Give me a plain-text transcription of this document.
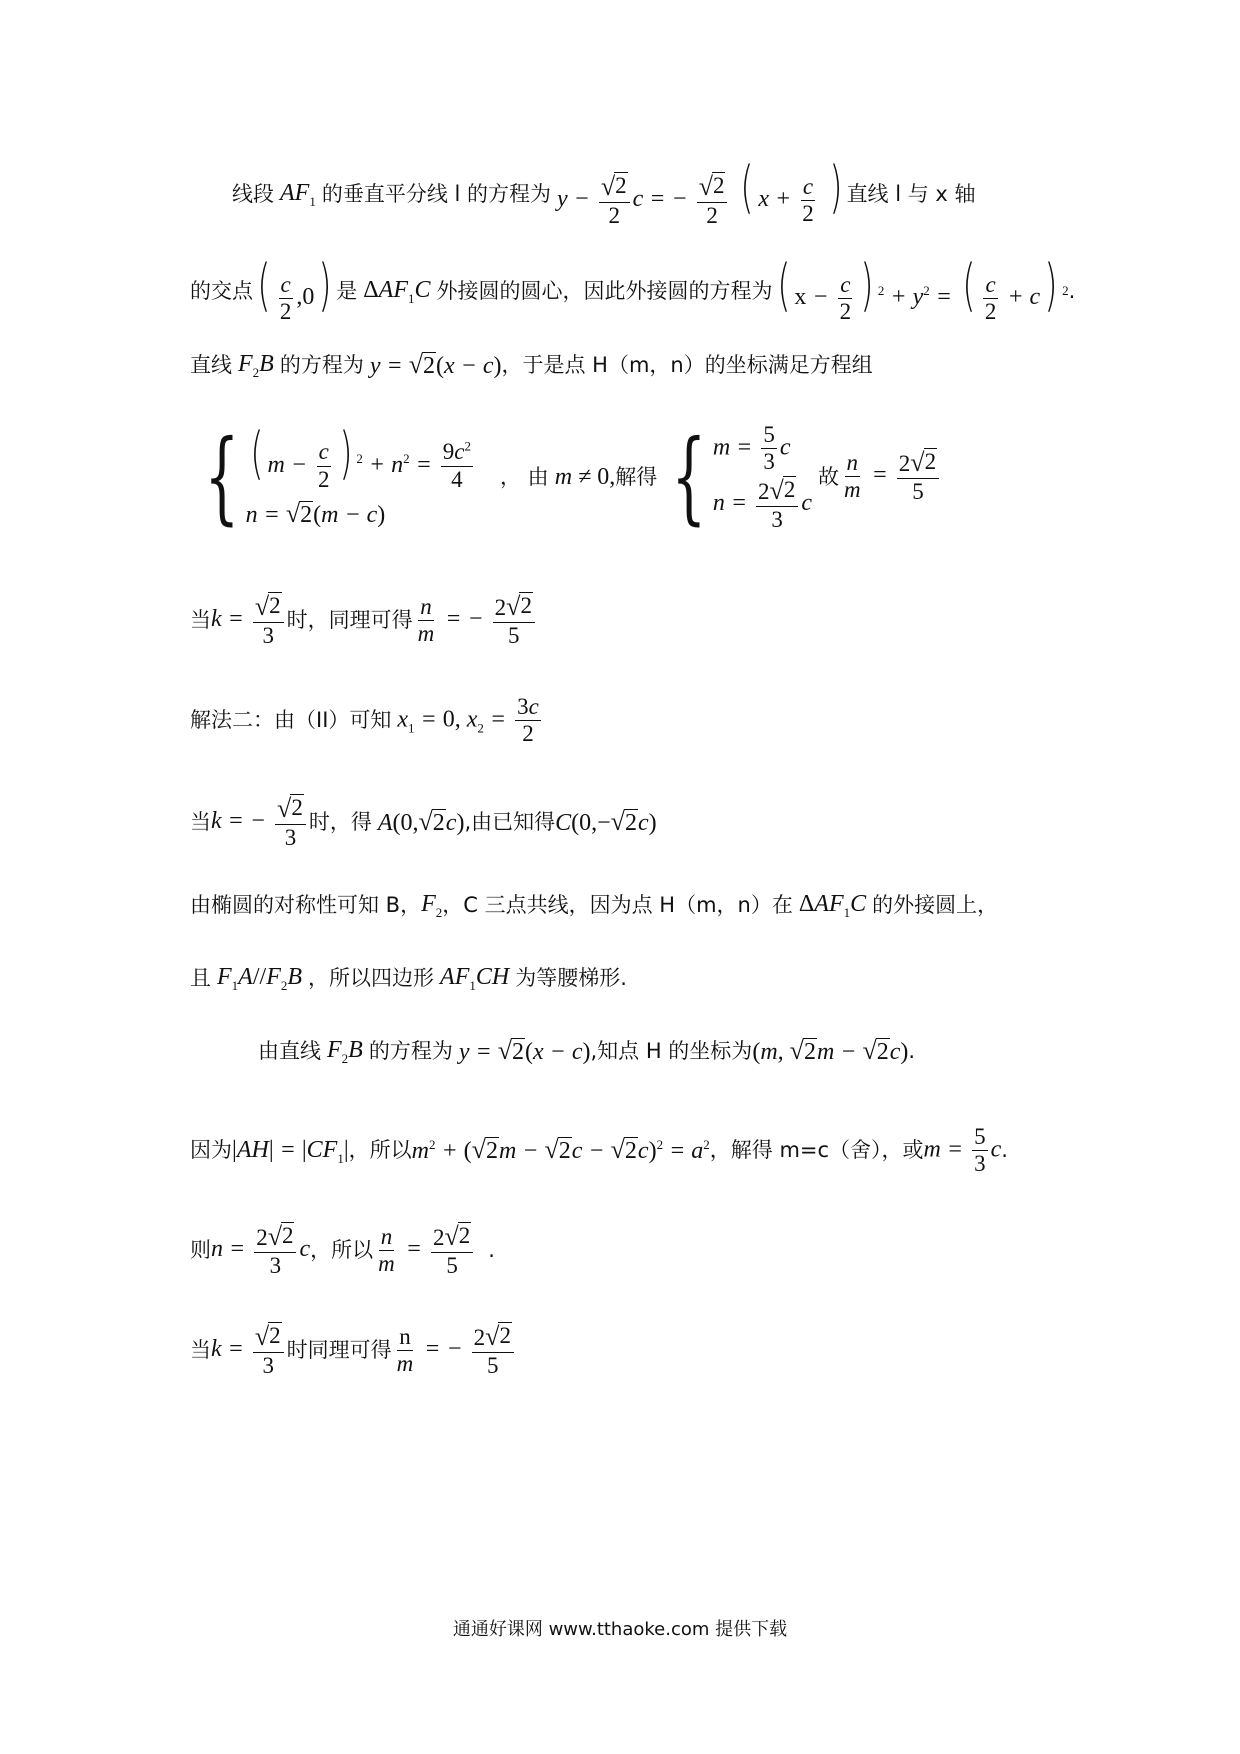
线段 $AF_1$ 的垂直平分线 l 的方程为 $y - \frac{√ 2}{2}$ c = − $\frac{√ 2}{2}$ ( $x + \frac{c}{2}$ ) 直线 l 与 x 轴
的交点 ( $\frac{c}{2} ,0$) 是 $\Delta AF_1C$ 外接圆的圆心，因此外接圆的方程为 ( $x - \frac{c}{2}$ ) $^2 + y^2$ = ( $\frac{c}{2} + c$) $^2$ .
直线 $F_2B$ 的方程为 y = √ 2 (x − c) ，于是点 H（m，n）的坐标满足方程组
{ ( $m - \frac{c}{2}$ ) $^2 + n^2 = \frac{9c^2}{4}$
n = √ 2 (m − c)
， 由 m ≠ 0, 解得 { $m = \frac{5}{3}$ c
$n = \frac{2 √ 2}{3}$ c
故 $\frac{n}{m} = \frac{2 √ 2}{5}$
当 $k = \frac{√ 2}{3}$ 时，同理可得 $\frac{n}{m}$ = − $\frac{2 √ 2}{5}$
解法二：由（II）可知 $x_1 = 0$, $x_2 = \frac{3c}{2}$
当 k = − $\frac{√ 2}{3}$ 时，得 A(0, √ 2 c) ,由已知得 C(0,− √ 2 c)
由椭圆的对称性可知 B， $F_2$ ，C 三点共线，因为点 H（m，n）在 $\Delta AF_1C$ 的外接圆上，
且 $F_1A//F_2B$ ，所以四边形 $AF_1CH$ 为等腰梯形.
由直线 $F_2B$ 的方程为 y = √ 2 (x − c) ,知点 H 的坐标为 (m, √ 2 m − √ 2 c) .
因为 $|AH| = |CF_1|$ ，所以 $m^2$ + ( √ 2 m − √ 2 c − √ 2 $c)^2 = a^2$ ，解得 m=c（舍），或 $m = \frac{5}{3}$ c .
则 $n = \frac{2 √ 2}{3}$ c ，所以 $\frac{n}{m} = \frac{2 √ 2}{5}$ .
当 $k = \frac{√ 2}{3}$ 时同理可得 $\frac{n}{m}$ = − $\frac{2 √ 2}{5}$
通通好课网 www.tthaoke.com 提供下载
